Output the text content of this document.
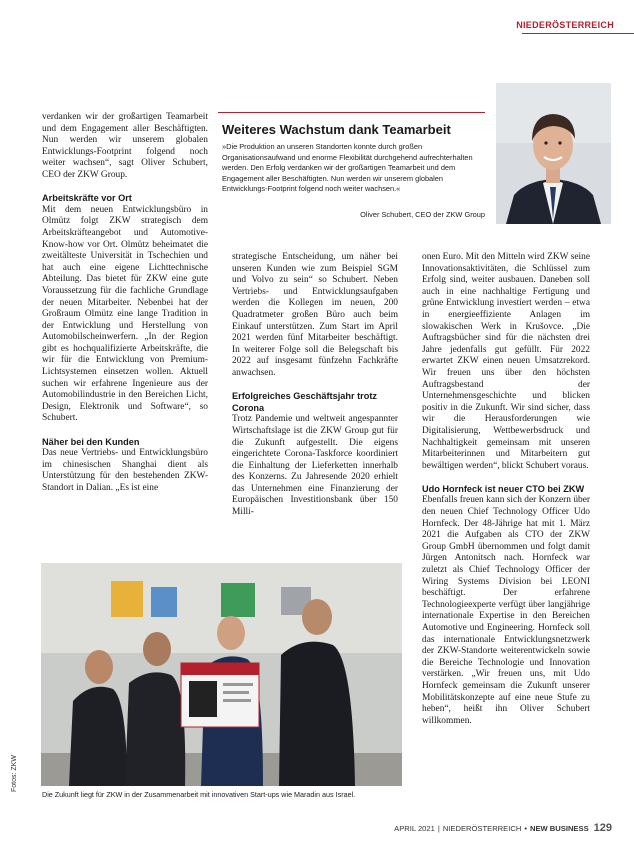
NIEDERÖSTERREICH

verdanken wir der großartigen Teamarbeit und dem Engagement aller Beschäftigten. Nun werden wir unserem globalen Entwicklungs-Footprint folgend noch weiter wachsen“, sagt Oliver Schubert, CEO der ZKW Group.

Arbeitskräfte vor Ort

Mit dem neuen Entwicklungsbüro in Olmütz folgt ZKW strategisch dem Arbeitskräfteangebot und Automotive-Know-how vor Ort. Olmütz beheimatet die zweitälteste Universität in Tschechien und hat auch eine eigene Lichttechnische Abteilung. Das bietet für ZKW eine gute Voraussetzung für die fachliche Grundlage der neuen Mitarbeiter. Nebenbei hat der Großraum Olmütz eine lange Tradition in der Entwicklung und Herstellung von Automobilscheinwerfern. „In der Region gibt es hochqualifizierte Arbeitskräfte, die wir für die Entwicklung von Premium-Lichtsystemen einsetzen wollen. Aktuell suchen wir erfahrene Ingenieure aus der Automobilindustrie in den Bereichen Licht, Design, Elektronik und Software“, so Schubert.

Näher bei den Kunden

Das neue Vertriebs- und Entwicklungsbüro im chinesischen Shanghai dient als Unterstützung für den bestehenden ZKW-Standort in Dalian. „Es ist eine

Weiteres Wachstum dank Teamarbeit
»Die Produktion an unseren Standorten konnte durch großen Organisationsaufwand und enorme Flexibilität durchgehend aufrechterhalten werden. Den Erfolg verdanken wir der großartigen Teamarbeit und dem Engagement aller Beschäftigten. Nun werden wir unserem globalen Entwicklungs-Footprint folgend noch weiter wachsen.«
Oliver Schubert, CEO der ZKW Group

strategische Entscheidung, um näher bei unseren Kunden wie zum Beispiel SGM und Volvo zu sein“ so Schubert. Neben Vertriebs- und Entwicklungsaufgaben werden die Kollegen im neuen, 200 Quadratmeter großen Büro auch beim Einkauf unterstützen. Zum Start im April 2021 werden fünf Mitarbeiter beschäftigt. In weiterer Folge soll die Belegschaft bis 2022 auf insgesamt fünfzehn Fachkräfte anwachsen.

Erfolgreiches Geschäftsjahr trotz Corona

Trotz Pandemie und weltweit angespannter Wirtschaftslage ist die ZKW Group gut für die Zukunft aufgestellt. Die eigens eingerichtete Corona-Taskforce koordiniert die Einhaltung der Lieferketten innerhalb des Konzerns. Zu Jahresende 2020 erhielt das Unternehmen eine Finanzierung der Europäischen Investitionsbank über 150 Milli-

onen Euro. Mit den Mitteln wird ZKW seine Innovationsaktivitäten, die Schlüssel zum Erfolg sind, weiter ausbauen. Daneben soll auch in eine nachhaltige Fertigung und grüne Entwicklung investiert werden – etwa in energieeffiziente Anlagen im slowakischen Werk in Krušovce. „Die Auftragsbücher sind für die nächsten drei Jahre jedenfalls gut gefüllt. Für 2022 erwartet ZKW einen neuen Umsatzrekord. Wir freuen uns über den höchsten Auftragsbestand der Unternehmensgeschichte und blicken positiv in die Zukunft. Wir sind sicher, dass wir die Herausforderungen wie Digitalisierung, Wettbewerbsdruck und Nachhaltigkeit gemeinsam mit unseren Mitarbeiterinnen und Mitarbeitern gut bewältigen werden“, blickt Schubert voraus.

Udo Hornfeck ist neuer CTO bei ZKW

Ebenfalls freuen kann sich der Konzern über den neuen Chief Technology Officer Udo Hornfeck. Der 48-Jährige hat mit 1. März 2021 die Aufgaben als CTO der ZKW Group GmbH übernommen und folgt damit Jürgen Antonitsch nach. Hornfeck war zuletzt als Chief Technology Officer der Wiring Systems Division bei LEONI beschäftigt. Der erfahrene Technologieexperte verfügt über langjährige internationale Expertise in den Bereichen Automotive und Engineering. Hornfeck soll das internationale Entwicklungsnetzwerk der ZKW-Standorte weiterentwickeln sowie die Bereiche Technologie und Innovation verstärken. „Wir freuen uns, mit Udo Hornfeck gemeinsam die Zukunft unserer Mobilitätskonzepte auf eine neue Stufe zu heben“, heißt ihn Oliver Schubert willkommen.

Fotos: ZKW
Die Zukunft liegt für ZKW in der Zusammenarbeit mit innovativen Start-ups wie Maradin aus Israel.
APRIL 2021 | NIEDERÖSTERREICH • NEW BUSINESS 129
